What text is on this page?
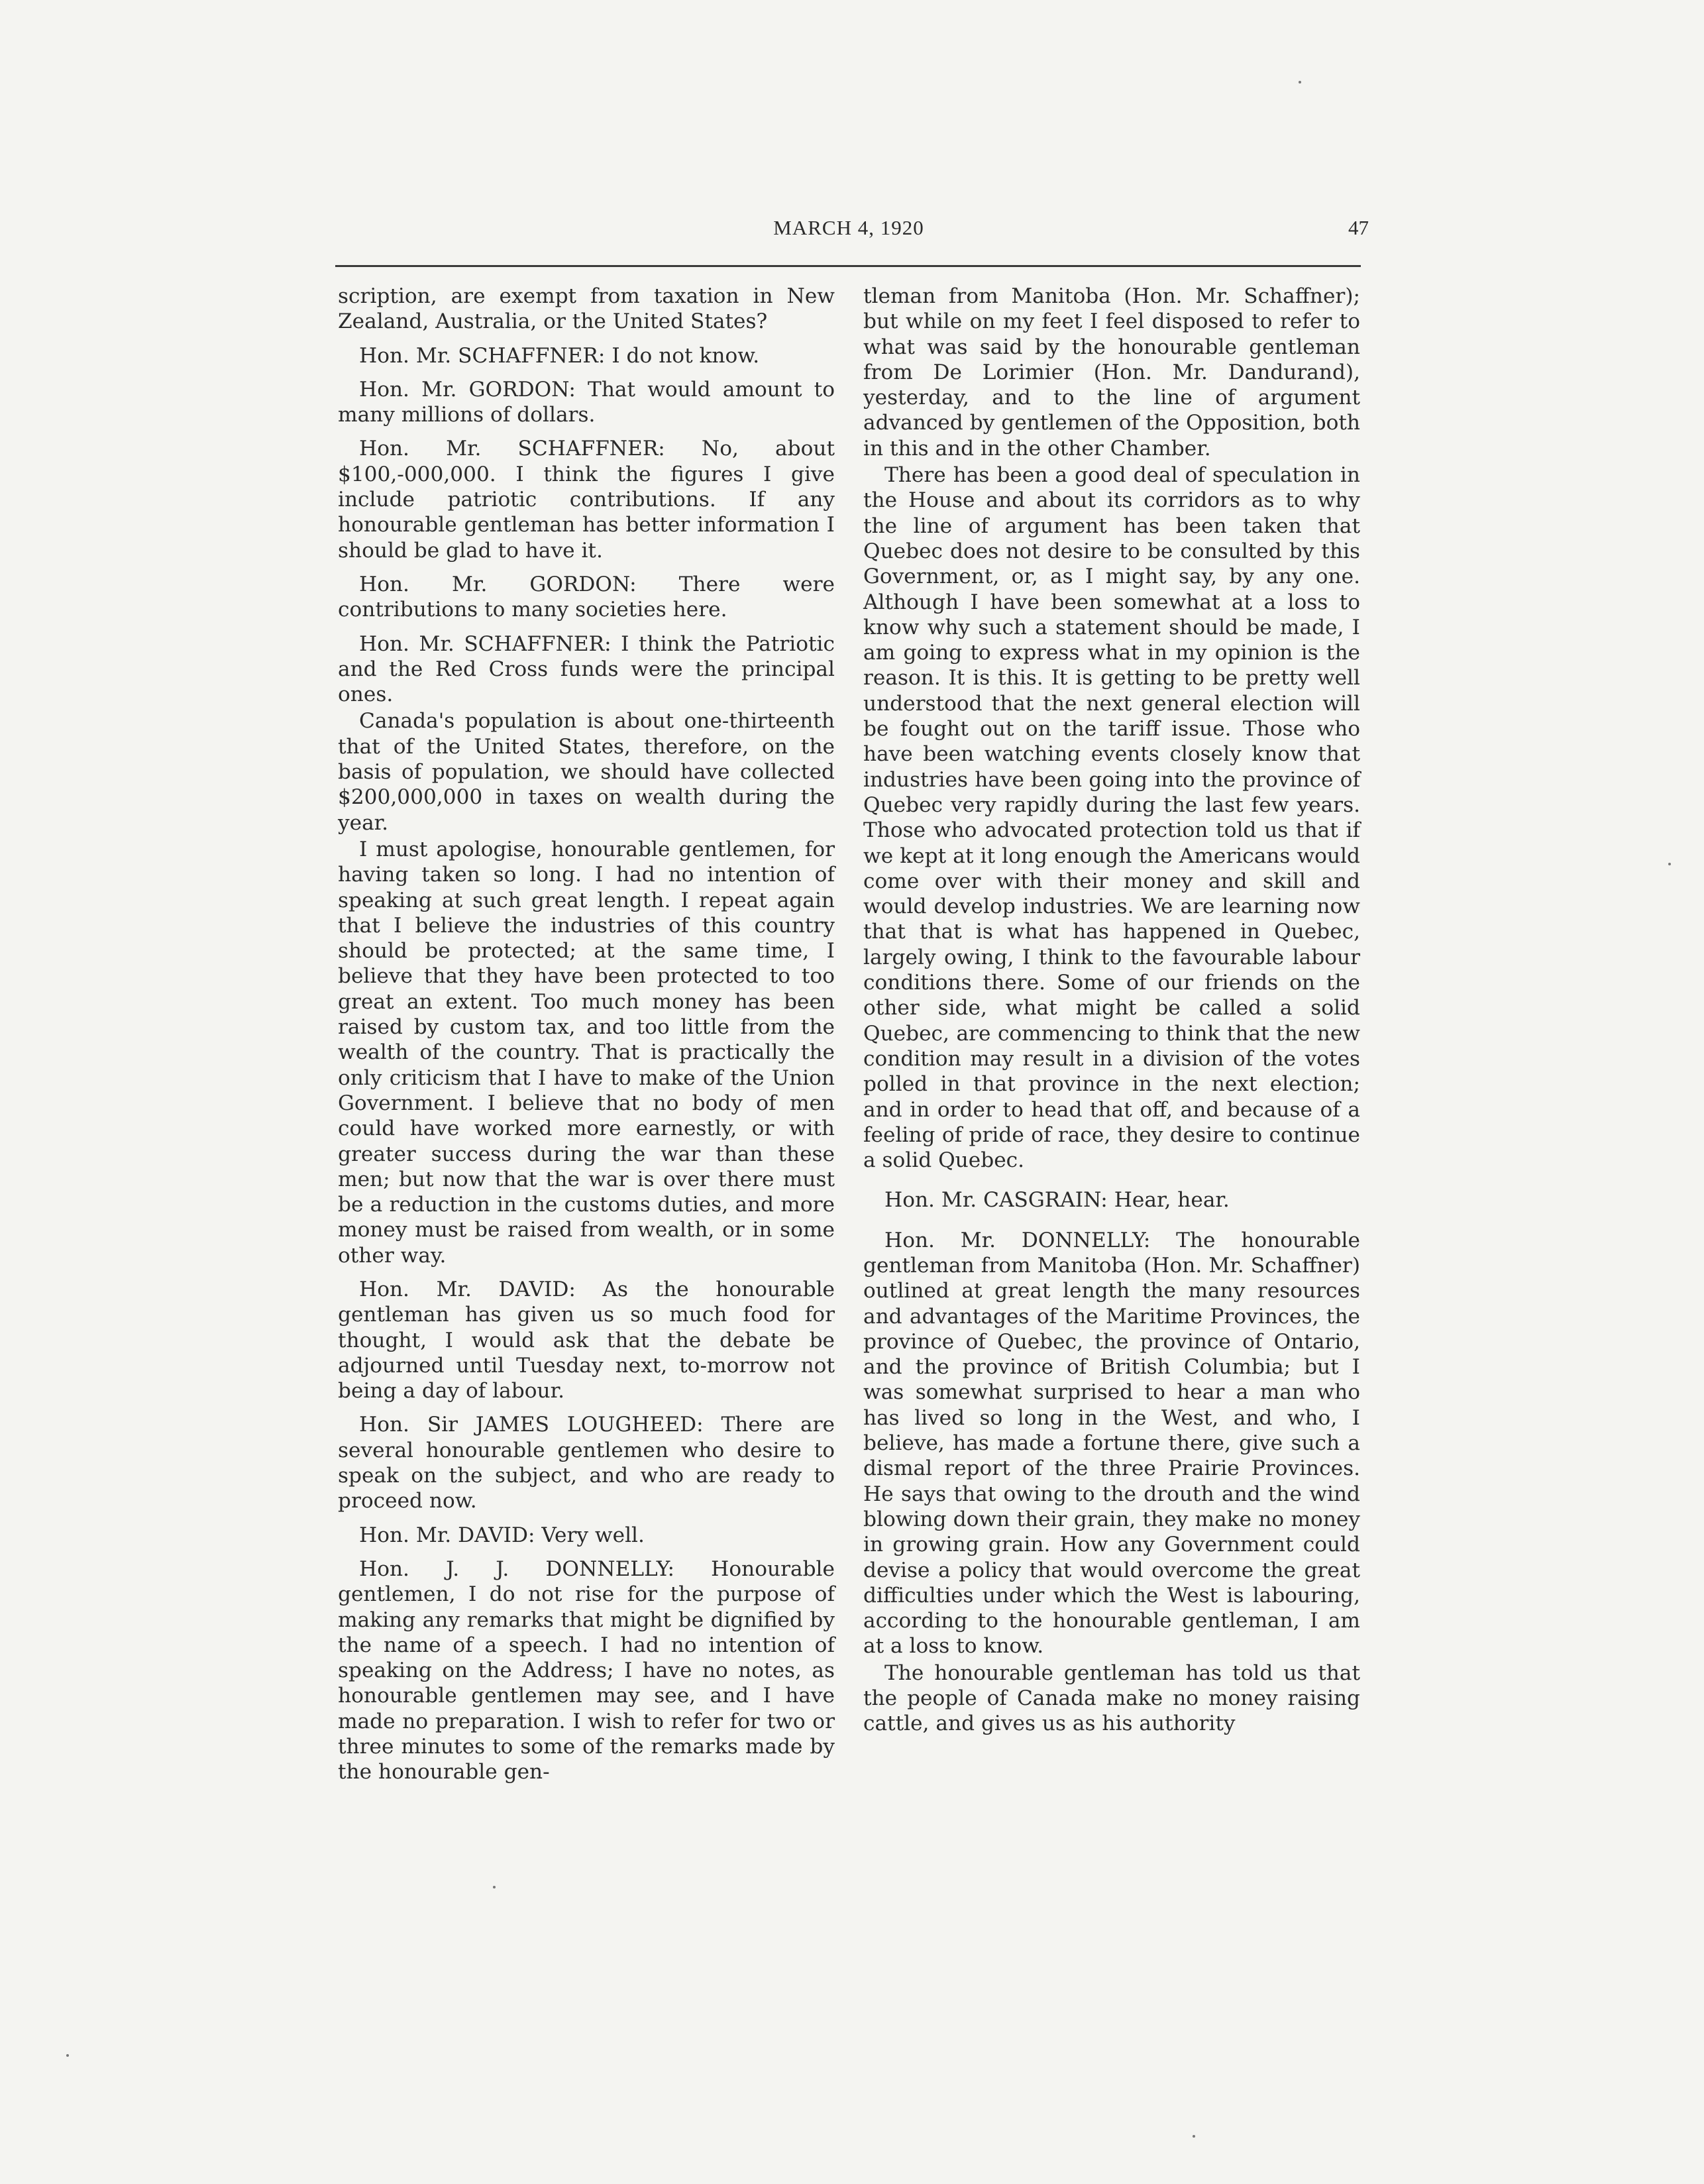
MARCH 4, 1920	47

scription, are exempt from taxation in New Zealand, Australia, or the United States?

Hon. Mr. SCHAFFNER: I do not know.

Hon. Mr. GORDON: That would amount to many millions of dollars.

Hon. Mr. SCHAFFNER: No, about $100,-000,000. I think the figures I give include patriotic contributions. If any honourable gentleman has better information I should be glad to have it.

Hon. Mr. GORDON: There were contributions to many societies here.

Hon. Mr. SCHAFFNER: I think the Patriotic and the Red Cross funds were the principal ones.

Canada's population is about one-thirteenth that of the United States, therefore, on the basis of population, we should have collected $200,000,000 in taxes on wealth during the year.

I must apologise, honourable gentlemen, for having taken so long. I had no intention of speaking at such great length. I repeat again that I believe the industries of this country should be protected; at the same time, I believe that they have been protected to too great an extent. Too much money has been raised by custom tax, and too little from the wealth of the country. That is practically the only criticism that I have to make of the Union Government. I believe that no body of men could have worked more earnestly, or with greater success during the war than these men; but now that the war is over there must be a reduction in the customs duties, and more money must be raised from wealth, or in some other way.

Hon. Mr. DAVID: As the honourable gentleman has given us so much food for thought, I would ask that the debate be adjourned until Tuesday next, to-morrow not being a day of labour.

Hon. Sir JAMES LOUGHEED: There are several honourable gentlemen who desire to speak on the subject, and who are ready to proceed now.

Hon. Mr. DAVID: Very well.

Hon. J. J. DONNELLY: Honourable gentlemen, I do not rise for the purpose of making any remarks that might be dignified by the name of a speech. I had no intention of speaking on the Address; I have no notes, as honourable gentlemen may see, and I have made no preparation. I wish to refer for two or three minutes to some of the remarks made by the honourable gen-

tleman from Manitoba (Hon. Mr. Schaffner); but while on my feet I feel disposed to refer to what was said by the honourable gentleman from De Lorimier (Hon. Mr. Dandurand), yesterday, and to the line of argument advanced by gentlemen of the Opposition, both in this and in the other Chamber.

There has been a good deal of speculation in the House and about its corridors as to why the line of argument has been taken that Quebec does not desire to be consulted by this Government, or, as I might say, by any one. Although I have been somewhat at a loss to know why such a statement should be made, I am going to express what in my opinion is the reason. It is this. It is getting to be pretty well understood that the next general election will be fought out on the tariff issue. Those who have been watching events closely know that industries have been going into the province of Quebec very rapidly during the last few years. Those who advocated protection told us that if we kept at it long enough the Americans would come over with their money and skill and would develop industries. We are learning now that that is what has happened in Quebec, largely owing, I think to the favourable labour conditions there. Some of our friends on the other side, what might be called a solid Quebec, are commencing to think that the new condition may result in a division of the votes polled in that province in the next election; and in order to head that off, and because of a feeling of pride of race, they desire to continue a solid Quebec.

Hon. Mr. CASGRAIN: Hear, hear.

Hon. Mr. DONNELLY: The honourable gentleman from Manitoba (Hon. Mr. Schaffner) outlined at great length the many resources and advantages of the Maritime Provinces, the province of Quebec, the province of Ontario, and the province of British Columbia; but I was somewhat surprised to hear a man who has lived so long in the West, and who, I believe, has made a fortune there, give such a dismal report of the three Prairie Provinces. He says that owing to the drouth and the wind blowing down their grain, they make no money in growing grain. How any Government could devise a policy that would overcome the great difficulties under which the West is labouring, according to the honourable gentleman, I am at a loss to know.

The honourable gentleman has told us that the people of Canada make no money raising cattle, and gives us as his authority
